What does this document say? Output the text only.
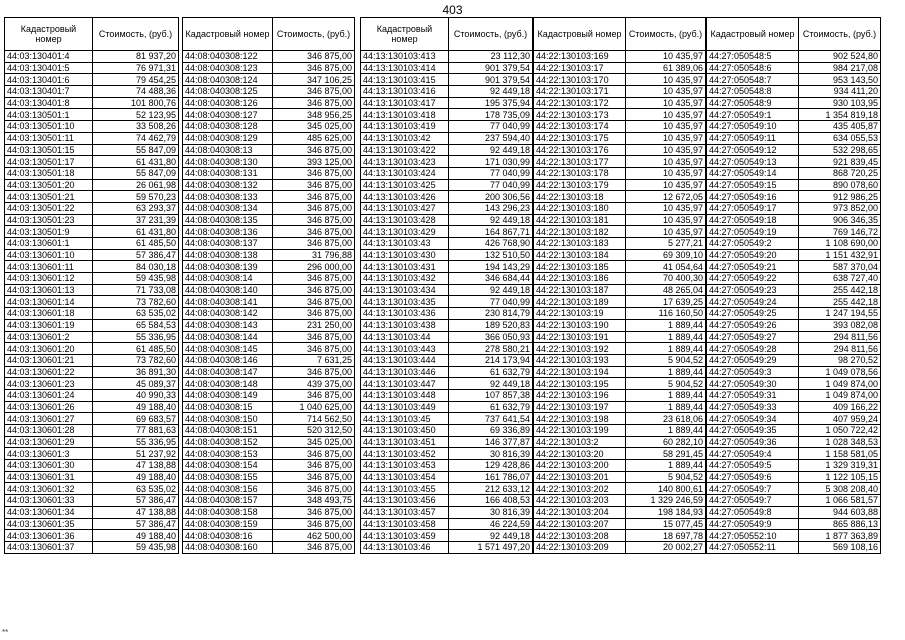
403
Кадастровый номер	Стоимость, (руб.)
44:03:130401:4	81 937,20
44:03:130401:5	76 971,31
44:03:130401:6	79 454,25
44:03:130401:7	74 488,36
44:03:130401:8	101 800,76
44:03:130501:1	52 123,95
44:03:130501:10	33 508,26
44:03:130501:11	74 462,79
44:03:130501:15	55 847,09
44:03:130501:17	61 431,80
44:03:130501:18	55 847,09
44:03:130501:20	26 061,98
44:03:130501:21	59 570,23
44:03:130501:22	63 293,37
44:03:130501:23	37 231,39
44:03:130501:9	61 431,80
44:03:130601:1	61 485,50
44:03:130601:10	57 386,47
44:03:130601:11	84 030,18
44:03:130601:12	59 435,98
44:03:130601:13	71 733,08
44:03:130601:14	73 782,60
44:03:130601:18	63 535,02
44:03:130601:19	65 584,53
44:03:130601:2	55 336,95
44:03:130601:20	61 485,50
44:03:130601:21	73 782,60
44:03:130601:22	36 891,30
44:03:130601:23	45 089,37
44:03:130601:24	40 990,33
44:03:130601:26	49 188,40
44:03:130601:27	69 683,57
44:03:130601:28	77 881,63
44:03:130601:29	55 336,95
44:03:130601:3	51 237,92
44:03:130601:30	47 138,88
44:03:130601:31	49 188,40
44:03:130601:32	63 535,02
44:03:130601:33	57 386,47
44:03:130601:34	47 138,88
44:03:130601:35	57 386,47
44:03:130601:36	49 188,40
44:03:130601:37	59 435,98
Кадастровый номер	Стоимость, (руб.)
44:08:040308:122	346 875,00
44:08:040308:123	346 875,00
44:08:040308:124	347 106,25
44:08:040308:125	346 875,00
44:08:040308:126	346 875,00
44:08:040308:127	348 956,25
44:08:040308:128	345 025,00
44:08:040308:129	485 625,00
44:08:040308:13	346 875,00
44:08:040308:130	393 125,00
44:08:040308:131	346 875,00
44:08:040308:132	346 875,00
44:08:040308:133	346 875,00
44:08:040308:134	346 875,00
44:08:040308:135	346 875,00
44:08:040308:136	346 875,00
44:08:040308:137	346 875,00
44:08:040308:138	31 796,88
44:08:040308:139	296 000,00
44:08:040308:14	346 875,00
44:08:040308:140	346 875,00
44:08:040308:141	346 875,00
44:08:040308:142	346 875,00
44:08:040308:143	231 250,00
44:08:040308:144	346 875,00
44:08:040308:145	346 875,00
44:08:040308:146	7 631,25
44:08:040308:147	346 875,00
44:08:040308:148	439 375,00
44:08:040308:149	346 875,00
44:08:040308:15	1 040 625,00
44:08:040308:150	714 562,50
44:08:040308:151	520 312,50
44:08:040308:152	345 025,00
44:08:040308:153	346 875,00
44:08:040308:154	346 875,00
44:08:040308:155	346 875,00
44:08:040308:156	346 875,00
44:08:040308:157	348 493,75
44:08:040308:158	346 875,00
44:08:040308:159	346 875,00
44:08:040308:16	462 500,00
44:08:040308:160	346 875,00
Кадастровый номер	Стоимость, (руб.)
44:13:130103:413	23 112,30
44:13:130103:414	901 379,54
44:13:130103:415	901 379,54
44:13:130103:416	92 449,18
44:13:130103:417	195 375,94
44:13:130103:418	178 735,09
44:13:130103:419	77 040,99
44:13:130103:42	237 594,40
44:13:130103:422	92 449,18
44:13:130103:423	171 030,99
44:13:130103:424	77 040,99
44:13:130103:425	77 040,99
44:13:130103:426	200 306,56
44:13:130103:427	143 296,23
44:13:130103:428	92 449,18
44:13:130103:429	164 867,71
44:13:130103:43	426 768,90
44:13:130103:430	132 510,50
44:13:130103:431	194 143,29
44:13:130103:432	346 684,44
44:13:130103:434	92 449,18
44:13:130103:435	77 040,99
44:13:130103:436	230 814,79
44:13:130103:438	189 520,83
44:13:130103:44	366 050,93
44:13:130103:443	278 580,21
44:13:130103:444	214 173,94
44:13:130103:446	61 632,79
44:13:130103:447	92 449,18
44:13:130103:448	107 857,38
44:13:130103:449	61 632,79
44:13:130103:45	737 641,54
44:13:130103:450	69 336,89
44:13:130103:451	146 377,87
44:13:130103:452	30 816,39
44:13:130103:453	129 428,86
44:13:130103:454	161 786,07
44:13:130103:455	212 633,12
44:13:130103:456	166 408,53
44:13:130103:457	30 816,39
44:13:130103:458	46 224,59
44:13:130103:459	92 449,18
44:13:130103:46	1 571 497,20
Кадастровый номер	Стоимость, (руб.)
44:22:130103:169	10 435,97
44:22:130103:17	61 389,06
44:22:130103:170	10 435,97
44:22:130103:171	10 435,97
44:22:130103:172	10 435,97
44:22:130103:173	10 435,97
44:22:130103:174	10 435,97
44:22:130103:175	10 435,97
44:22:130103:176	10 435,97
44:22:130103:177	10 435,97
44:22:130103:178	10 435,97
44:22:130103:179	10 435,97
44:22:130103:18	12 672,05
44:22:130103:180	10 435,97
44:22:130103:181	10 435,97
44:22:130103:182	10 435,97
44:22:130103:183	5 277,21
44:22:130103:184	69 309,10
44:22:130103:185	41 054,64
44:22:130103:186	70 400,30
44:22:130103:187	48 265,04
44:22:130103:189	17 639,25
44:22:130103:19	116 160,50
44:22:130103:190	1 889,44
44:22:130103:191	1 889,44
44:22:130103:192	1 889,44
44:22:130103:193	5 904,52
44:22:130103:194	1 889,44
44:22:130103:195	5 904,52
44:22:130103:196	1 889,44
44:22:130103:197	1 889,44
44:22:130103:198	23 618,06
44:22:130103:199	1 889,44
44:22:130103:2	60 282,10
44:22:130103:20	58 291,45
44:22:130103:200	1 889,44
44:22:130103:201	5 904,52
44:22:130103:202	140 800,61
44:22:130103:203	1 329 246,59
44:22:130103:204	198 184,93
44:22:130103:207	15 077,45
44:22:130103:208	18 697,78
44:22:130103:209	20 002,27
Кадастровый номер	Стоимость, (руб.)
44:27:050548:5	902 524,80
44:27:050548:6	984 217,08
44:27:050548:7	953 143,50
44:27:050548:8	934 411,20
44:27:050548:9	930 103,95
44:27:050549:1	1 354 819,18
44:27:050549:10	435 405,87
44:27:050549:11	634 055,53
44:27:050549:12	532 298,65
44:27:050549:13	921 839,45
44:27:050549:14	868 720,25
44:27:050549:15	890 078,60
44:27:050549:16	912 986,25
44:27:050549:17	973 852,00
44:27:050549:18	906 346,35
44:27:050549:19	769 146,72
44:27:050549:2	1 108 690,00
44:27:050549:20	1 151 432,91
44:27:050549:21	587 370,04
44:27:050549:22	638 727,40
44:27:050549:23	255 442,18
44:27:050549:24	255 442,18
44:27:050549:25	1 247 194,55
44:27:050549:26	393 082,08
44:27:050549:27	294 811,56
44:27:050549:28	294 811,56
44:27:050549:29	98 270,52
44:27:050549:3	1 049 078,56
44:27:050549:30	1 049 874,00
44:27:050549:31	1 049 874,00
44:27:050549:33	409 166,22
44:27:050549:34	407 959,24
44:27:050549:35	1 050 722,42
44:27:050549:36	1 028 348,53
44:27:050549:4	1 158 581,05
44:27:050549:5	1 329 319,31
44:27:050549:6	1 122 105,15
44:27:050549:7	5 308 208,40
44:27:050549:7	1 066 581,57
44:27:050549:8	944 603,88
44:27:050549:9	865 886,13
44:27:050552:10	1 877 363,89
44:27:050552:11	569 108,16
**
